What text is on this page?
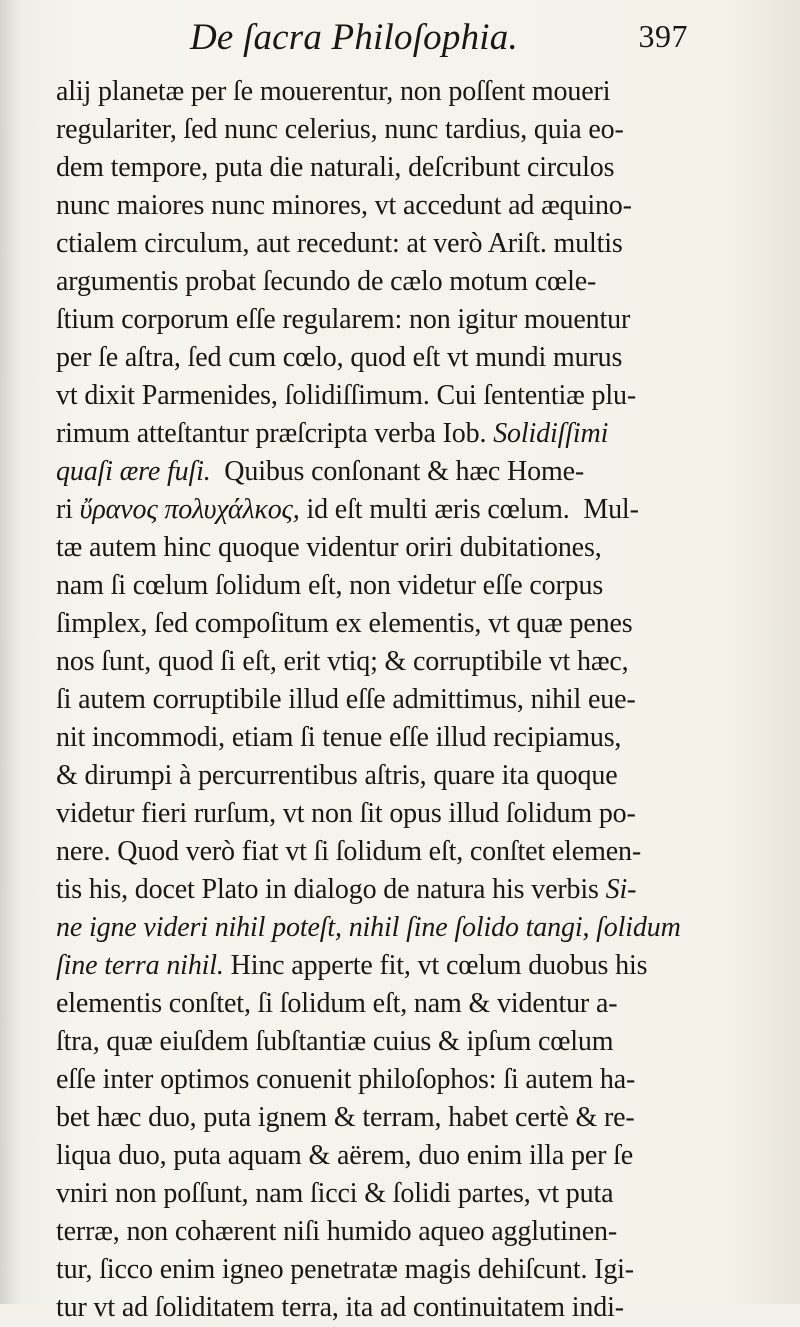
De ſacra Philoſophia.	397
alij planetæ per ſe mouerentur, non poſſent moueri
regulariter, ſed nunc celerius, nunc tardius, quia eo-
dem tempore, puta die naturali, deſcribunt circulos
nunc maiores nunc minores, vt accedunt ad æquino-
ctialem circulum, aut recedunt: at verò Ariſt. multis
argumentis probat ſecundo de cælo motum cœle-
ſtium corporum eſſe regularem: non igitur mouentur
per ſe aſtra, ſed cum cœlo, quod eſt vt mundi murus
vt dixit Parmenides, ſolidiſſimum. Cui ſententiæ plu-
rimum atteſtantur præſcripta verba Iob. Solidiſſimi
quaſi ære fuſi.  Quibus conſonant & hæc Home-
ri ὔρανος πολυχάλκος, id eſt multi æris cœlum.  Mul-
tæ autem hinc quoque videntur oriri dubitationes,
nam ſi cœlum ſolidum eſt, non videtur eſſe corpus
ſimplex, ſed compoſitum ex elementis, vt quæ penes
nos ſunt, quod ſi eſt, erit vtiq; & corruptibile vt hæc,
ſi autem corruptibile illud eſſe admittimus, nihil eue-
nit incommodi, etiam ſi tenue eſſe illud recipiamus,
& dirumpi à percurrentibus aſtris, quare ita quoque
videtur fieri rurſum, vt non ſit opus illud ſolidum po-
nere. Quod verò fiat vt ſi ſolidum eſt, conſtet elemen-
tis his, docet Plato in dialogo de natura his verbis Si-
ne igne videri nihil poteſt, nihil ſine ſolido tangi, ſolidum
ſine terra nihil. Hinc apperte fit, vt cœlum duobus his
elementis conſtet, ſi ſolidum eſt, nam & videntur a-
ſtra, quæ eiuſdem ſubſtantiæ cuius & ipſum cœlum
eſſe inter optimos conuenit philoſophos: ſi autem ha-
bet hæc duo, puta ignem & terram, habet certè & re-
liqua duo, puta aquam & aërem, duo enim illa per ſe
vniri non poſſunt, nam ſicci & ſolidi partes, vt puta
terræ, non cohærent niſi humido aqueo agglutinen-
tur, ſicco enim igneo penetratæ magis dehiſcunt. Igi-
tur vt ad ſoliditatem terra, ita ad continuitatem indi-
